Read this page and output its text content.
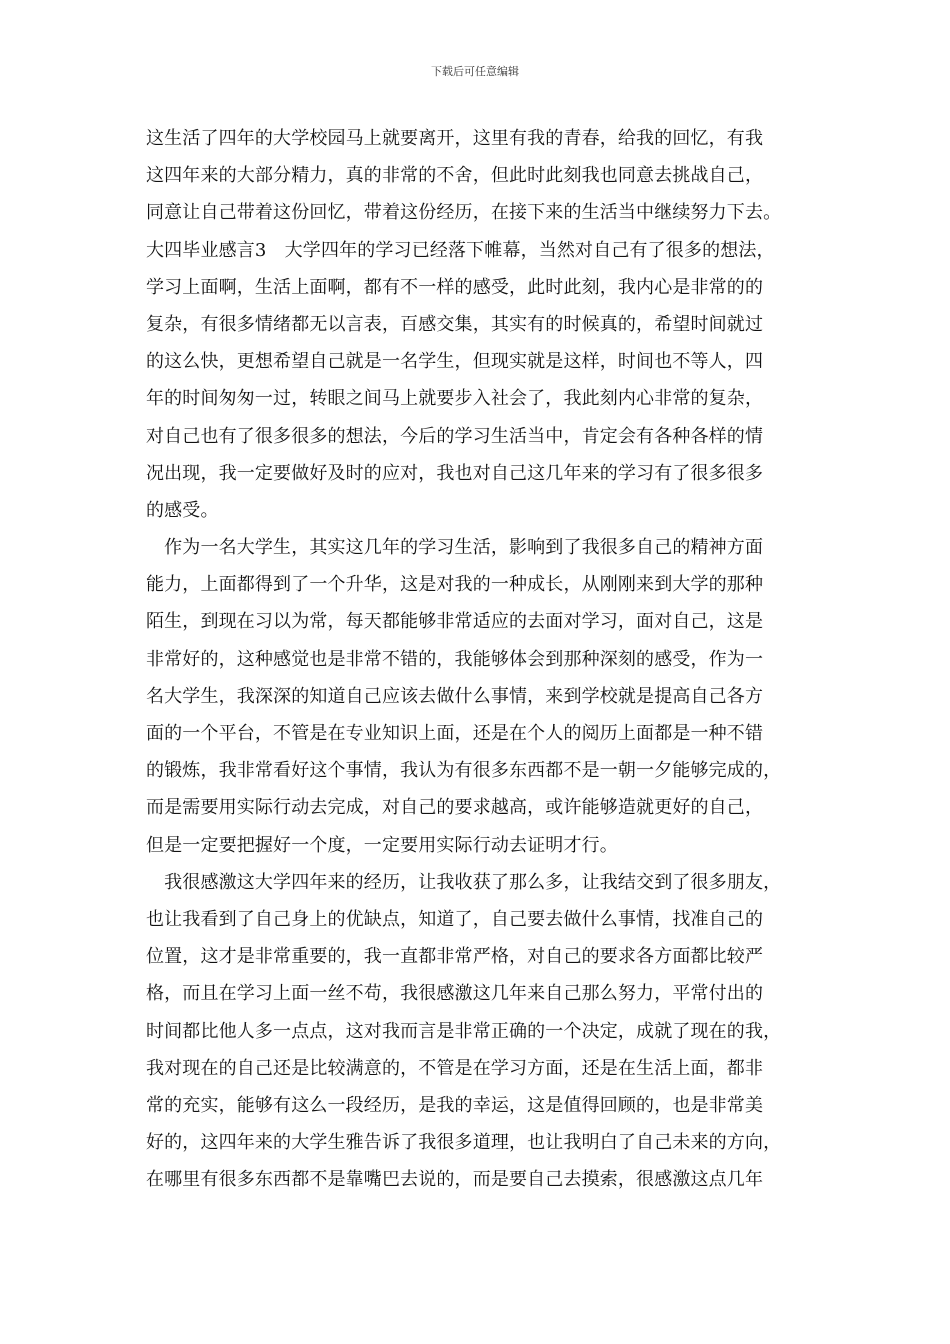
下载后可任意编辑
这生活了四年的大学校园马上就要离开，这里有我的青春，给我的回忆，有我
这四年来的大部分精力，真的非常的不舍，但此时此刻我也同意去挑战自己，
同意让自己带着这份回忆，带着这份经历，在接下来的生活当中继续努力下去。
大四毕业感言3　大学四年的学习已经落下帷幕，当然对自己有了很多的想法，
学习上面啊，生活上面啊，都有不一样的感受，此时此刻，我内心是非常的的
复杂，有很多情绪都无以言表，百感交集，其实有的时候真的，希望时间就过
的这么快，更想希望自己就是一名学生，但现实就是这样，时间也不等人，四
年的时间匆匆一过，转眼之间马上就要步入社会了，我此刻内心非常的复杂，
对自己也有了很多很多的想法，今后的学习生活当中，肯定会有各种各样的情
况出现，我一定要做好及时的应对，我也对自己这几年来的学习有了很多很多
的感受。
　作为一名大学生，其实这几年的学习生活，影响到了我很多自己的精神方面
能力，上面都得到了一个升华，这是对我的一种成长，从刚刚来到大学的那种
陌生，到现在习以为常，每天都能够非常适应的去面对学习，面对自己，这是
非常好的，这种感觉也是非常不错的，我能够体会到那种深刻的感受，作为一
名大学生，我深深的知道自己应该去做什么事情，来到学校就是提高自己各方
面的一个平台，不管是在专业知识上面，还是在个人的阅历上面都是一种不错
的锻炼，我非常看好这个事情，我认为有很多东西都不是一朝一夕能够完成的，
而是需要用实际行动去完成，对自己的要求越高，或许能够造就更好的自己，
但是一定要把握好一个度，一定要用实际行动去证明才行。
　我很感激这大学四年来的经历，让我收获了那么多，让我结交到了很多朋友，
也让我看到了自己身上的优缺点，知道了，自己要去做什么事情，找准自己的
位置，这才是非常重要的，我一直都非常严格，对自己的要求各方面都比较严
格，而且在学习上面一丝不苟，我很感激这几年来自己那么努力，平常付出的
时间都比他人多一点点，这对我而言是非常正确的一个决定，成就了现在的我，
我对现在的自己还是比较满意的，不管是在学习方面，还是在生活上面，都非
常的充实，能够有这么一段经历，是我的幸运，这是值得回顾的，也是非常美
好的，这四年来的大学生雅告诉了我很多道理，也让我明白了自己未来的方向，
在哪里有很多东西都不是靠嘴巴去说的，而是要自己去摸索，很感激这点几年
